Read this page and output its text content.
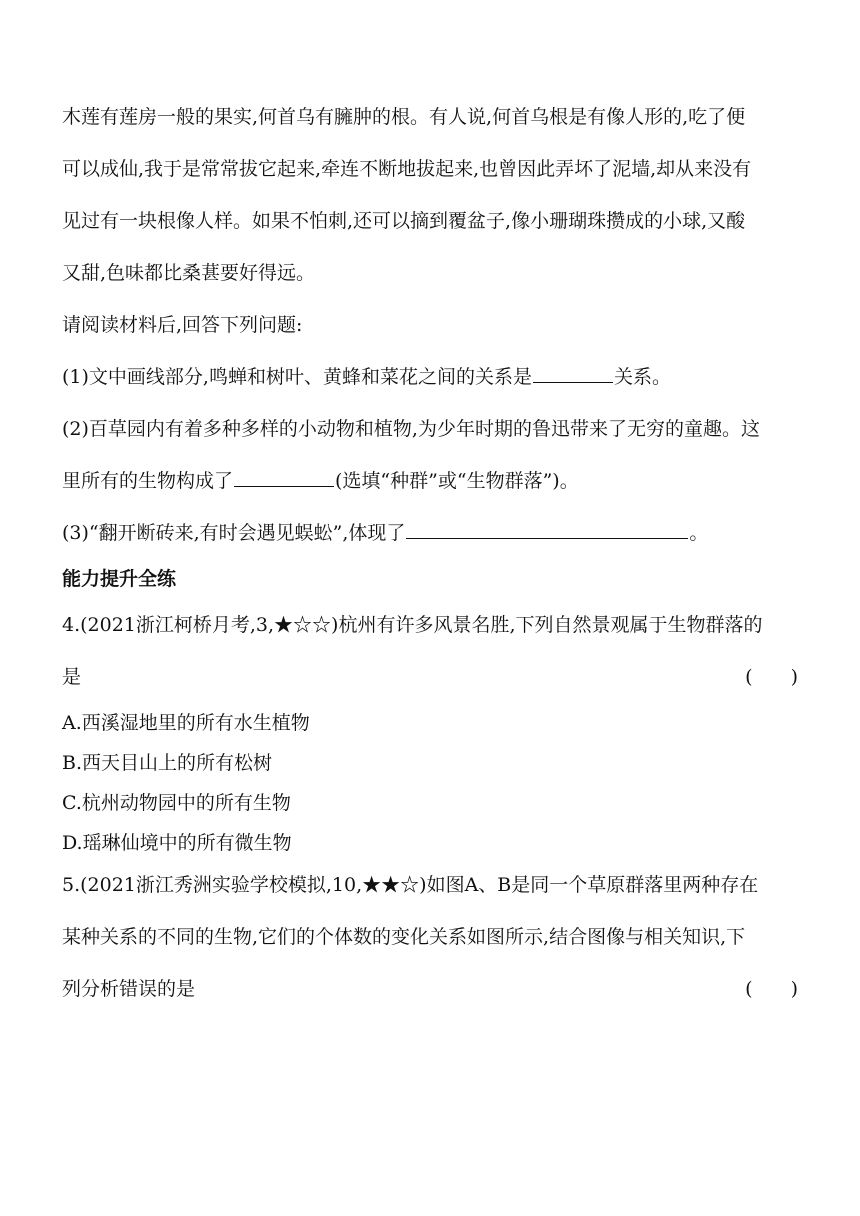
木莲有莲房一般的果实,何首乌有臃肿的根。有人说,何首乌根是有像人形的,吃了便
可以成仙,我于是常常拔它起来,牵连不断地拔起来,也曾因此弄坏了泥墙,却从来没有
见过有一块根像人样。如果不怕刺,还可以摘到覆盆子,像小珊瑚珠攒成的小球,又酸
又甜,色味都比桑葚要好得远。
请阅读材料后,回答下列问题:
(1)文中画线部分,鸣蝉和树叶、黄蜂和菜花之间的关系是	关系。
(2)百草园内有着多种多样的小动物和植物,为少年时期的鲁迅带来了无穷的童趣。这
里所有的生物构成了	(选填“种群”或“生物群落”)。
(3)“翻开断砖来,有时会遇见蜈蚣”,体现了	。
能力提升全练
4.(2021浙江柯桥月考,3,★☆☆)杭州有许多风景名胜,下列自然景观属于生物群落的
是	(　　)
A.西溪湿地里的所有水生植物
B.西天目山上的所有松树
C.杭州动物园中的所有生物
D.瑶琳仙境中的所有微生物
5.(2021浙江秀洲实验学校模拟,10,★★☆)如图A、B是同一个草原群落里两种存在
某种关系的不同的生物,它们的个体数的变化关系如图所示,结合图像与相关知识,下
列分析错误的是	(　　)
